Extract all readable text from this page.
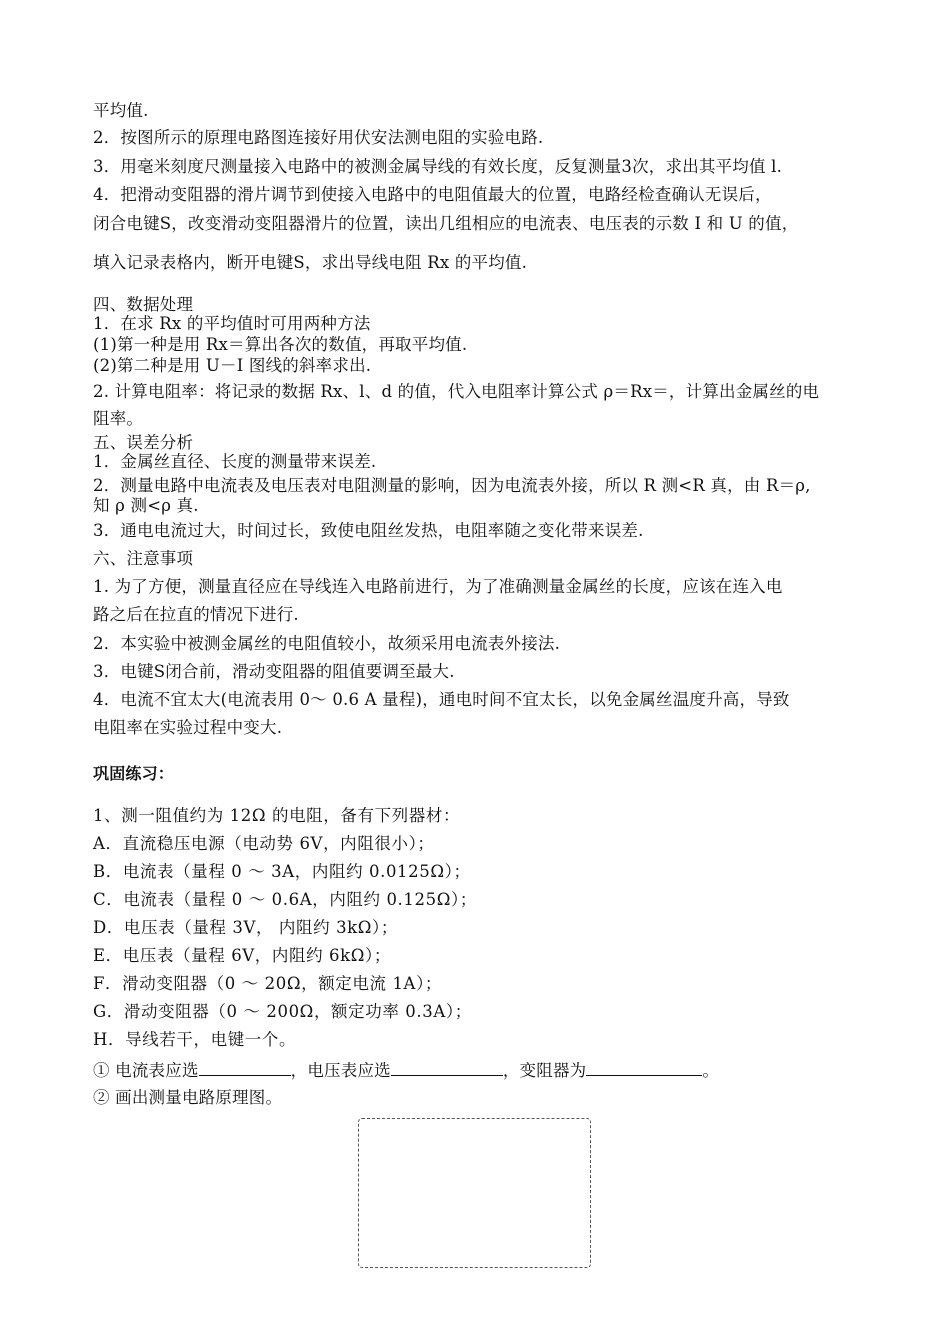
平均值.
2．按图所示的原理电路图连接好用伏安法测电阻的实验电路.
3．用毫米刻度尺测量接入电路中的被测金属导线的有效长度，反复测量3次，求出其平均值 l.
4．把滑动变阻器的滑片调节到使接入电路中的电阻值最大的位置，电路经检查确认无误后，
闭合电键S，改变滑动变阻器滑片的位置，读出几组相应的电流表、电压表的示数 I 和 U 的值，
填入记录表格内，断开电键S，求出导线电阻 Rx 的平均值.
四、数据处理
1．在求 Rx 的平均值时可用两种方法
(1)第一种是用 Rx＝算出各次的数值，再取平均值.
(2)第二种是用 U－I 图线的斜率求出.
2. 计算电阻率：将记录的数据 Rx、l、d 的值，代入电阻率计算公式 ρ＝Rx＝，计算出金属丝的电
阻率。
五、误差分析
1．金属丝直径、长度的测量带来误差.
2．测量电路中电流表及电压表对电阻测量的影响，因为电流表外接，所以 R 测<R 真，由 R＝ρ,
知 ρ 测<ρ 真.
3．通电电流过大，时间过长，致使电阻丝发热，电阻率随之变化带来误差.
六、注意事项
1. 为了方便，测量直径应在导线连入电路前进行，为了准确测量金属丝的长度，应该在连入电
路之后在拉直的情况下进行.
2．本实验中被测金属丝的电阻值较小，故须采用电流表外接法.
3．电键S闭合前，滑动变阻器的阻值要调至最大.
4．电流不宜太大(电流表用 0～ 0.6 A 量程)，通电时间不宜太长，以免金属丝温度升高，导致
电阻率在实验过程中变大.
巩固练习：
1、测一阻值约为 12Ω 的电阻，备有下列器材：
A．直流稳压电源（电动势 6V，内阻很小）；
B．电流表（量程 0 ～ 3A，内阻约 0.0125Ω）；
C．电流表（量程 0 ～ 0.6A，内阻约 0.125Ω）；
D．电压表（量程 3V， 内阻约 3kΩ）；
E．电压表（量程 6V，内阻约 6kΩ）；
F．滑动变阻器（0 ～ 20Ω，额定电流 1A）；
G．滑动变阻器（0 ～ 200Ω，额定功率 0.3A）；
H．导线若干，电键一个。
① 电流表应选	，电压表应选	，变阻器为	。
② 画出测量电路原理图。
